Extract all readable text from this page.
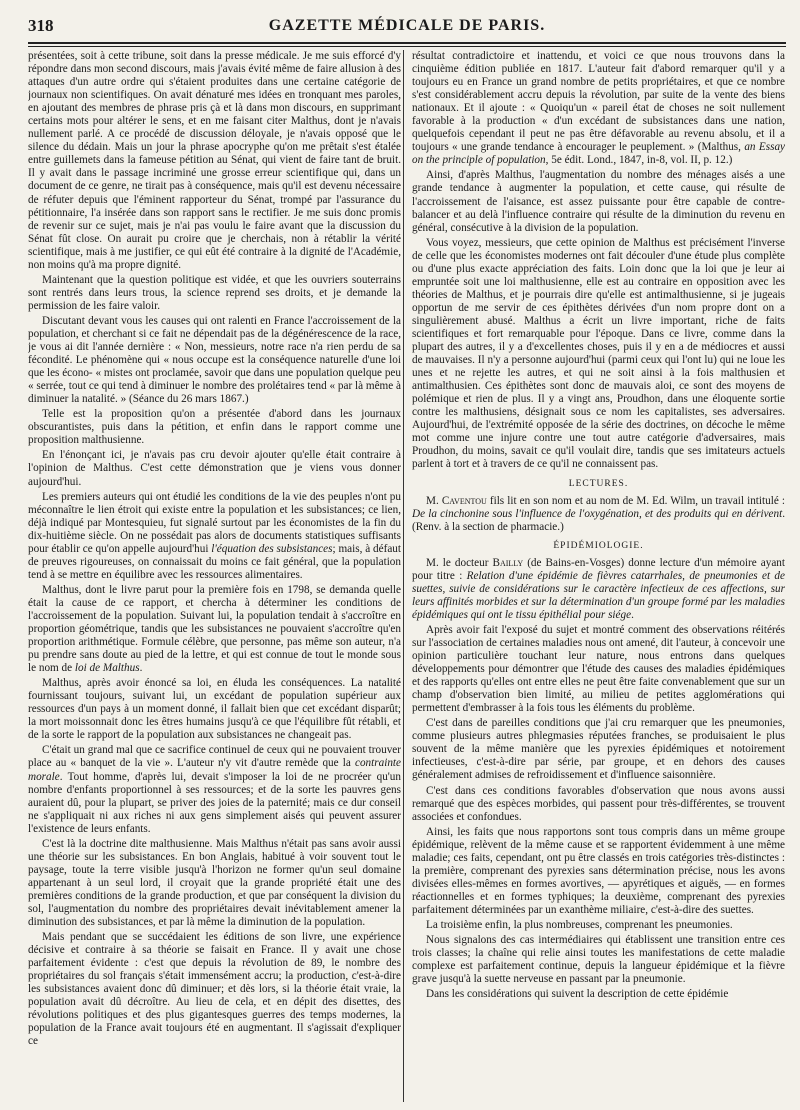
318	GAZETTE MÉDICALE DE PARIS.

présentées, soit à cette tribune, soit dans la presse médicale. Je me suis efforcé d'y répondre dans mon second discours, mais j'avais évité même de faire allusion à des attaques d'un autre ordre qui s'étaient produites dans une certaine catégorie de journaux non scientifiques. On avait dénaturé mes idées en tronquant mes paroles, en ajoutant des membres de phrase pris çà et là dans mon discours, en supprimant certains mots pour altérer le sens, et en me faisant citer Malthus, dont je n'avais nullement parlé. A ce procédé de discussion déloyale, je n'avais opposé que le silence du dédain. Mais un jour la phrase apocryphe qu'on me prêtait s'est étalée entre guillemets dans la fameuse pétition au Sénat, qui vient de faire tant de bruit. Il y avait dans le passage incriminé une grosse erreur scientifique qui, dans un document de ce genre, ne tirait pas à conséquence, mais qu'il est devenu nécessaire de réfuter depuis que l'éminent rapporteur du Sénat, trompé par l'assurance du pétitionnaire, l'a insérée dans son rapport sans le rectifier. Je me suis donc promis de revenir sur ce sujet, mais je n'ai pas voulu le faire avant que la discussion du Sénat fût close. On aurait pu croire que je cherchais, non à rétablir la vérité scientifique, mais à me justifier, ce qui eût été contraire à la dignité de l'Académie, non moins qu'à ma propre dignité.

Maintenant que la question politique est vidée, et que les ouvriers souterrains sont rentrés dans leurs trous, la science reprend ses droits, et je demande la permission de les faire valoir.

Discutant devant vous les causes qui ont ralenti en France l'accroissement de la population, et cherchant si ce fait ne dépendait pas de la dégénérescence de la race, je vous ai dit l'année dernière : « Non, messieurs, notre race n'a rien perdu de sa fécondité. Le phénomène qui « nous occupe est la conséquence naturelle d'une loi que les écono- « mistes ont proclamée, savoir que dans une population quelque peu « serrée, tout ce qui tend à diminuer le nombre des prolétaires tend « par là même à diminuer la natalité. » (Séance du 26 mars 1867.)

Telle est la proposition qu'on a présentée d'abord dans les journaux obscurantistes, puis dans la pétition, et enfin dans le rapport comme une proposition malthusienne.

En l'énonçant ici, je n'avais pas cru devoir ajouter qu'elle était contraire à l'opinion de Malthus. C'est cette démonstration que je viens vous donner aujourd'hui.

Les premiers auteurs qui ont étudié les conditions de la vie des peuples n'ont pu méconnaître le lien étroit qui existe entre la population et les subsistances; ce lien, déjà indiqué par Montesquieu, fut signalé surtout par les économistes de la fin du dix-huitième siècle. On ne possédait pas alors de documents statistiques suffisants pour établir ce qu'on appelle aujourd'hui l'équation des subsistances; mais, à défaut de preuves rigoureuses, on connaissait du moins ce fait général, que la population tend à se mettre en équilibre avec les ressources alimentaires.

Malthus, dont le livre parut pour la première fois en 1798, se demanda quelle était la cause de ce rapport, et chercha à déterminer les conditions de l'accroissement de la population. Suivant lui, la population tendait à s'accroître en proportion géométrique, tandis que les subsistances ne pouvaient s'accroître qu'en proportion arithmétique. Formule célèbre, que personne, pas même son auteur, n'a pu prendre sans doute au pied de la lettre, et qui est connue de tout le monde sous le nom de loi de Malthus.

Malthus, après avoir énoncé sa loi, en éluda les conséquences. La natalité fournissant toujours, suivant lui, un excédant de population supérieur aux ressources d'un pays à un moment donné, il fallait bien que cet excédant disparût; la mort moissonnait donc les êtres humains jusqu'à ce que l'équilibre fût rétabli, et de la sorte le rapport de la population aux subsistances ne changeait pas.

C'était un grand mal que ce sacrifice continuel de ceux qui ne pouvaient trouver place au « banquet de la vie ». L'auteur n'y vit d'autre remède que la contrainte morale. Tout homme, d'après lui, devait s'imposer la loi de ne procréer qu'un nombre d'enfants proportionnel à ses ressources; et de la sorte les pauvres gens auraient dû, pour la plupart, se priver des joies de la paternité; mais ce dur conseil ne s'appliquait ni aux riches ni aux gens simplement aisés qui peuvent assurer l'existence de leurs enfants.

C'est là la doctrine dite malthusienne. Mais Malthus n'était pas sans avoir aussi une théorie sur les subsistances. En bon Anglais, habitué à voir souvent tout le paysage, toute la terre visible jusqu'à l'horizon ne former qu'un seul domaine appartenant à un seul lord, il croyait que la grande propriété était une des premières conditions de la grande production, et que par conséquent la division du sol, l'augmentation du nombre des propriétaires devait inévitablement amener la diminution des subsistances, et par là même la diminution de la population.

Mais pendant que se succédaient les éditions de son livre, une expérience décisive et contraire à sa théorie se faisait en France. Il y avait une chose parfaitement évidente : c'est que depuis la révolution de 89, le nombre des propriétaires du sol français s'était immensément accru; la production, c'est-à-dire les subsistances avaient donc dû diminuer; et dès lors, si la théorie était vraie, la population avait dû décroître. Au lieu de cela, et en dépit des disettes, des révolutions politiques et des plus gigantesques guerres des temps modernes, la population de la France avait toujours été en augmentant. Il s'agissait d'expliquer ce

résultat contradictoire et inattendu, et voici ce que nous trouvons dans la cinquième édition publiée en 1817. L'auteur fait d'abord remarquer qu'il y a toujours eu en France un grand nombre de petits propriétaires, et que ce nombre s'est considérablement accru depuis la révolution, par suite de la vente des biens nationaux. Et il ajoute : « Quoiqu'un « pareil état de choses ne soit nullement favorable à la production « d'un excédant de subsistances dans une nation, quelquefois cependant il peut ne pas être défavorable au revenu absolu, et il a toujours « une grande tendance à encourager le peuplement. » (Malthus, an Essay on the principle of population, 5e édit. Lond., 1847, in-8, vol. II, p. 12.)

Ainsi, d'après Malthus, l'augmentation du nombre des ménages aisés a une grande tendance à augmenter la population, et cette cause, qui résulte de l'accroissement de l'aisance, est assez puissante pour être capable de contre-balancer et au delà l'influence contraire qui résulte de la diminution du revenu en général, consécutive à la division de la population.

Vous voyez, messieurs, que cette opinion de Malthus est précisément l'inverse de celle que les économistes modernes ont fait découler d'une étude plus complète ou d'une plus exacte appréciation des faits. Loin donc que la loi que je leur ai empruntée soit une loi malthusienne, elle est au contraire en opposition avec les théories de Malthus, et je pourrais dire qu'elle est antimalthusienne, si je jugeais opportun de me servir de ces épithètes dérivées d'un nom propre dont on a singulièrement abusé. Malthus a écrit un livre important, riche de faits scientifiques et fort remarquable pour l'époque. Dans ce livre, comme dans la plupart des autres, il y a d'excellentes choses, puis il y en a de médiocres et aussi de mauvaises. Il n'y a personne aujourd'hui (parmi ceux qui l'ont lu) qui ne loue les unes et ne rejette les autres, et qui ne soit ainsi à la fois malthusien et antimalthusien. Ces épithètes sont donc de mauvais aloi, ce sont des moyens de polémique et rien de plus. Il y a vingt ans, Proudhon, dans une éloquente sortie contre les malthusiens, désignait sous ce nom les capitalistes, ses adversaires. Aujourd'hui, de l'extrémité opposée de la série des doctrines, on décoche le même mot comme une injure contre une tout autre catégorie d'adversaires, mais Proudhon, du moins, savait ce qu'il voulait dire, tandis que ses imitateurs actuels parlent à tort et à travers de ce qu'il ne connaissent pas.

LECTURES.

M. Caventou fils lit en son nom et au nom de M. Ed. Wilm, un travail intitulé : De la cinchonine sous l'influence de l'oxygénation, et des produits qui en dérivent. (Renv. à la section de pharmacie.)

ÉPIDÉMIOLOGIE.

M. le docteur Bailly (de Bains-en-Vosges) donne lecture d'un mémoire ayant pour titre : Relation d'une épidémie de fièvres catarrhales, de pneumonies et de suettes, suivie de considérations sur le caractère infectieux de ces affections, sur leurs affinités morbides et sur la détermination d'un groupe formé par les maladies épidémiques qui ont le tissu épithélial pour siége.

Après avoir fait l'exposé du sujet et montré comment des observations réitérés sur l'association de certaines maladies nous ont amené, dit l'auteur, à concevoir une opinion particulière touchant leur nature, nous entrons dans quelques développements pour démontrer que l'étude des causes des maladies épidémiques et des rapports qu'elles ont entre elles ne peut être faite convenablement que sur un champ d'observation bien limité, au milieu de petites agglomérations qui permettent d'embrasser à la fois tous les éléments du problème.

C'est dans de pareilles conditions que j'ai cru remarquer que les pneumonies, comme plusieurs autres phlegmasies réputées franches, se produisaient le plus souvent de la même manière que les pyrexies épidémiques et notoirement infectieuses, c'est-à-dire par série, par groupe, et en dehors des causes généralement admises de refroidissement et d'influence saisonnière.

C'est dans ces conditions favorables d'observation que nous avons aussi remarqué que des espèces morbides, qui passent pour très-différentes, se trouvent associées et confondues.

Ainsi, les faits que nous rapportons sont tous compris dans un même groupe épidémique, relèvent de la même cause et se rapportent évidemment à une même maladie; ces faits, cependant, ont pu être classés en trois catégories très-distinctes : la première, comprenant des pyrexies sans détermination précise, nous les avons divisées elles-mêmes en formes avortives, — apyrétiques et aiguës, — en formes réactionnelles et en formes typhiques; la deuxième, comprenant des pyrexies parfaitement déterminées par un exanthème miliaire, c'est-à-dire des suettes.

La troisième enfin, la plus nombreuses, comprenant les pneumonies.

Nous signalons des cas intermédiaires qui établissent une transition entre ces trois classes; la chaîne qui relie ainsi toutes les manifestations de cette maladie complexe est parfaitement continue, depuis la langueur épidémique et la fièvre grave jusqu'à la suette nerveuse en passant par la pneumonie.

Dans les considérations qui suivent la description de cette épidémie
